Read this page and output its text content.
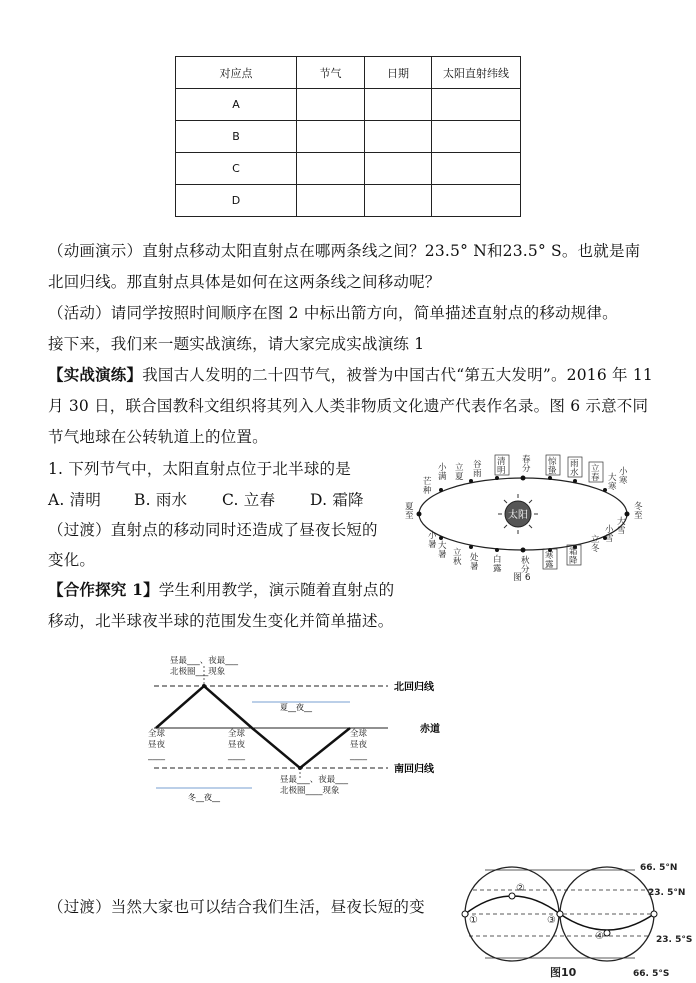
对应点	节气	日期	太阳直射纬线
A			
B			
C			
D			
（动画演示）直射点移动太阳直射点在哪两条线之间？23.5° N和23.5° S。也就是南
北回归线。那直射点具体是如何在这两条线之间移动呢？
（活动）请同学按照时间顺序在图 2 中标出箭方向，简单描述直射点的移动规律。
接下来，我们来一题实战演练，请大家完成实战演练 1
【实战演练】我国古人发明的二十四节气，被誉为中国古代“第五大发明”。2016 年 11
月 30 日，联合国教科文组织将其列入人类非物质文化遗产代表作名录。图 6 示意不同
节气地球在公转轨道上的位置。
1. 下列节气中，太阳直射点位于北半球的是
A. 清明 B. 雨水 C. 立春 D. 霜降
（过渡）直射点的移动同时还造成了昼夜长短的
变化。
【合作探究 1】学生利用教学，演示随着直射点的
移动，北半球夜半球的范围发生变化并简单描述。
（过渡）当然大家也可以结合我们生活，昼夜长短的变
太阳
小
满
芒
种
立
夏
谷
雨
清
明
春
分
惊
蛰
雨
水 立
春 大
寒
小
寒
夏
至
冬
至
小
暑 大
暑 立
秋 处
暑
白
露
秋
分
寒
露
霜
降
立
冬
小
雪
大
雪
图 6
昼最___、夜最___
北极圈___现象
北回归线
赤道
南回归线
夏__夜__
冬__夜__
全球
昼夜
____
全球
昼夜
____
全球
昼夜
____
昼最___、夜最___
北极圈____现象
①
②
③
④
66. 5°N
23. 5°N
23. 5°S
66. 5°S
图10
